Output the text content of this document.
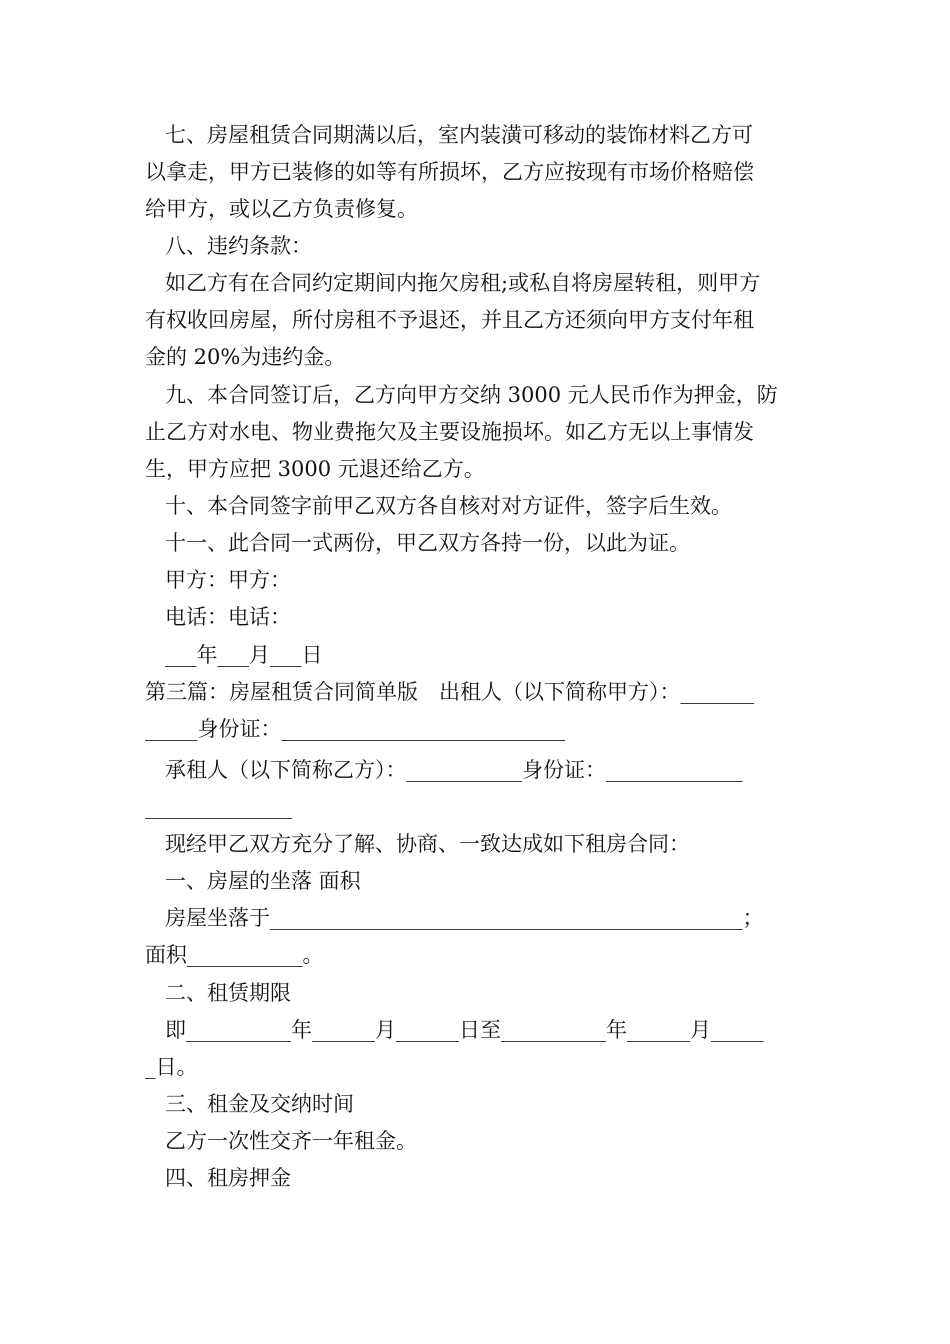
七、房屋租赁合同期满以后，室内装潢可移动的装饰材料乙方可
以拿走，甲方已装修的如等有所损坏，乙方应按现有市场价格赔偿
给甲方，或以乙方负责修复。
八、违约条款：
如乙方有在合同约定期间内拖欠房租;或私自将房屋转租，则甲方
有权收回房屋，所付房租不予退还，并且乙方还须向甲方支付年租
金的 20%为违约金。
九、本合同签订后，乙方向甲方交纳 3000 元人民币作为押金，防
止乙方对水电、物业费拖欠及主要设施损坏。如乙方无以上事情发
生，甲方应把 3000 元退还给乙方。
十、本合同签字前甲乙双方各自核对对方证件，签字后生效。
十一、此合同一式两份，甲乙双方各持一份，以此为证。
甲方：甲方：
电话：电话：
___年___月___日
第三篇：房屋租赁合同简单版　出租人（以下简称甲方）：_______
_____身份证：___________________________
承租人（以下简称乙方）：___________身份证：_____________
______________
现经甲乙双方充分了解、协商、一致达成如下租房合同：
一、房屋的坐落 面积
房屋坐落于_____________________________________________；
面积___________。
二、租赁期限
即__________年______月______日至__________年______月_____
_日。
三、租金及交纳时间
乙方一次性交齐一年租金。
四、租房押金
